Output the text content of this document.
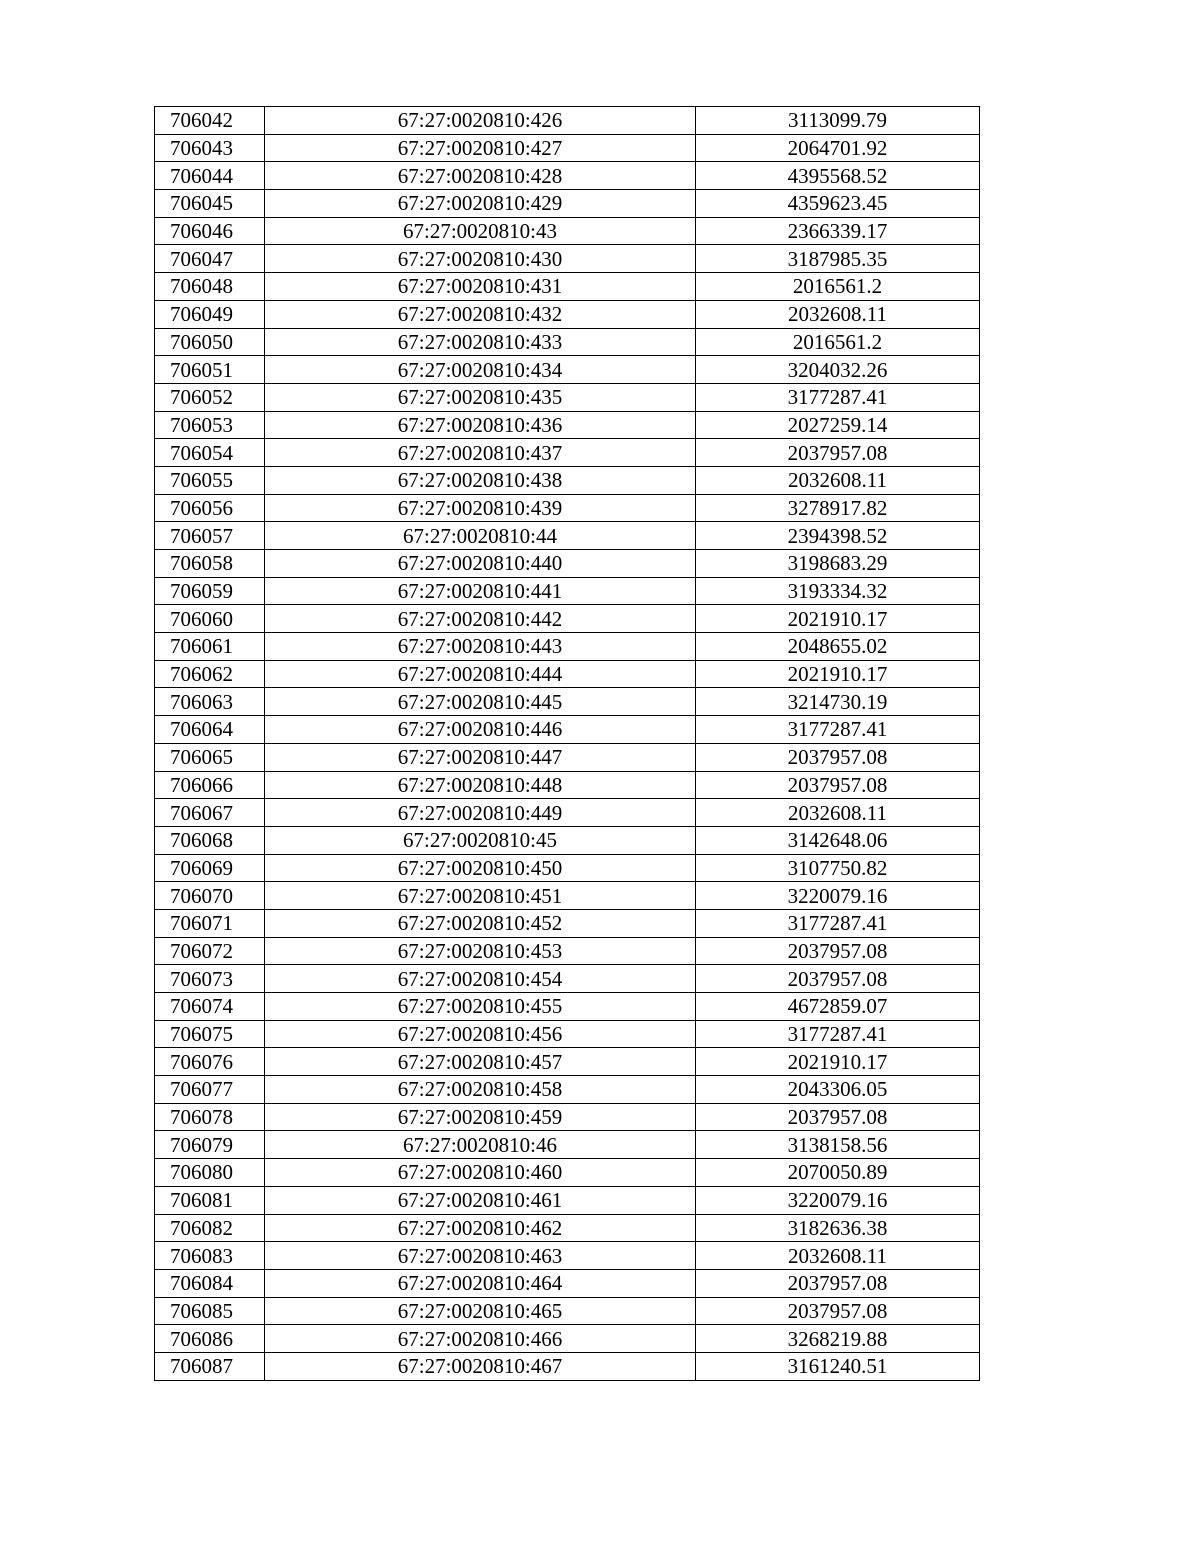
706042	67:27:0020810:426	3113099.79
706043	67:27:0020810:427	2064701.92
706044	67:27:0020810:428	4395568.52
706045	67:27:0020810:429	4359623.45
706046	67:27:0020810:43	2366339.17
706047	67:27:0020810:430	3187985.35
706048	67:27:0020810:431	2016561.2
706049	67:27:0020810:432	2032608.11
706050	67:27:0020810:433	2016561.2
706051	67:27:0020810:434	3204032.26
706052	67:27:0020810:435	3177287.41
706053	67:27:0020810:436	2027259.14
706054	67:27:0020810:437	2037957.08
706055	67:27:0020810:438	2032608.11
706056	67:27:0020810:439	3278917.82
706057	67:27:0020810:44	2394398.52
706058	67:27:0020810:440	3198683.29
706059	67:27:0020810:441	3193334.32
706060	67:27:0020810:442	2021910.17
706061	67:27:0020810:443	2048655.02
706062	67:27:0020810:444	2021910.17
706063	67:27:0020810:445	3214730.19
706064	67:27:0020810:446	3177287.41
706065	67:27:0020810:447	2037957.08
706066	67:27:0020810:448	2037957.08
706067	67:27:0020810:449	2032608.11
706068	67:27:0020810:45	3142648.06
706069	67:27:0020810:450	3107750.82
706070	67:27:0020810:451	3220079.16
706071	67:27:0020810:452	3177287.41
706072	67:27:0020810:453	2037957.08
706073	67:27:0020810:454	2037957.08
706074	67:27:0020810:455	4672859.07
706075	67:27:0020810:456	3177287.41
706076	67:27:0020810:457	2021910.17
706077	67:27:0020810:458	2043306.05
706078	67:27:0020810:459	2037957.08
706079	67:27:0020810:46	3138158.56
706080	67:27:0020810:460	2070050.89
706081	67:27:0020810:461	3220079.16
706082	67:27:0020810:462	3182636.38
706083	67:27:0020810:463	2032608.11
706084	67:27:0020810:464	2037957.08
706085	67:27:0020810:465	2037957.08
706086	67:27:0020810:466	3268219.88
706087	67:27:0020810:467	3161240.51
